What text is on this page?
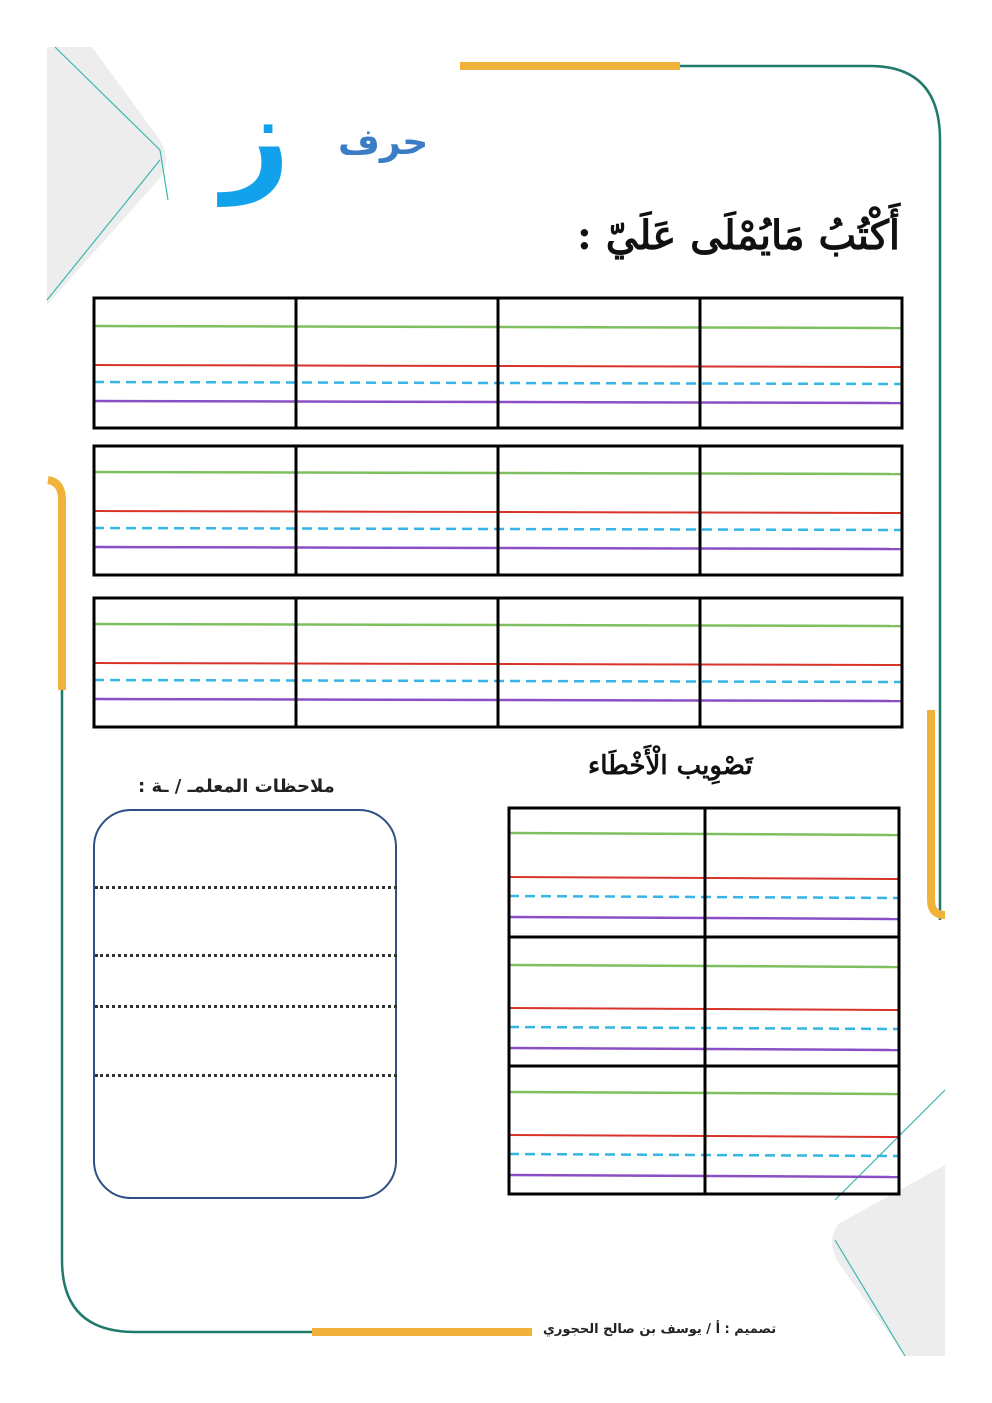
حرف
ز
أَكْتُبُ مَايُمْلَى عَلَيّ :
تَصْوِيب الْأَخْطَاء
ملاحظات المعلمـ / ـة :
تصميم : أ / يوسف بن صالح الحجوري
